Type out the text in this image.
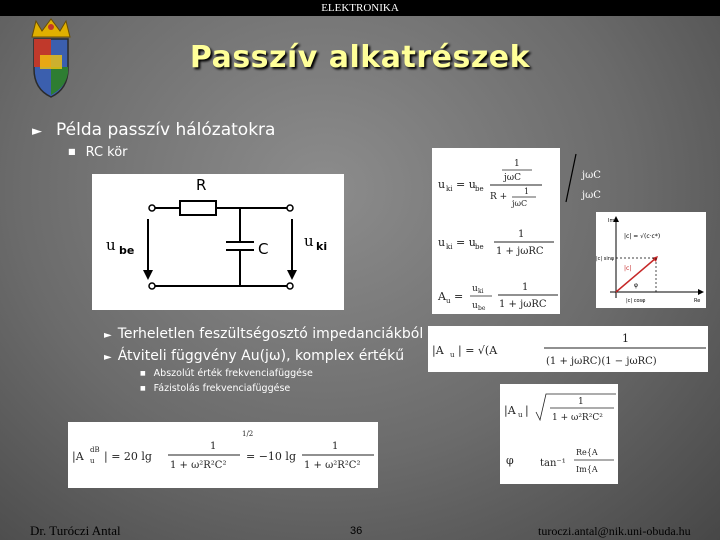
ELEKTRONIKA
Passzív alkatrészek
► Példa passzív hálózatokra
■ RC kör
R
C
u be
u ki
u ki = u be
1
jωC
R +
1
jωC
u ki = u be
1
1 + jωRC
A u =
u ki
u be
1
1 + jωRC
jωC
jωC
Im
Re
|c| = √(c·c*)
|c| sinφ
|c| cosφ
|c|
φ
|A u | = √(A
1
(1 + jωRC)(1 − jωRC)
|A u |
1
1 + ω²R²C²
φ	tan⁻¹
Re{A
Im{A
► Terheletlen feszültségosztó impedanciákból
► Átviteli függvény Au(jω), komplex értékű
■ Abszolút érték frekvenciafüggése
■ Fázistolás frekvenciafüggése
|A u
dB | = 20 lg
1
1 + ω²R²C²
1/2
= −10 lg
1
1 + ω²R²C²
Dr. Turóczi Antal	36	turoczi.antal@nik.uni-obuda.hu
